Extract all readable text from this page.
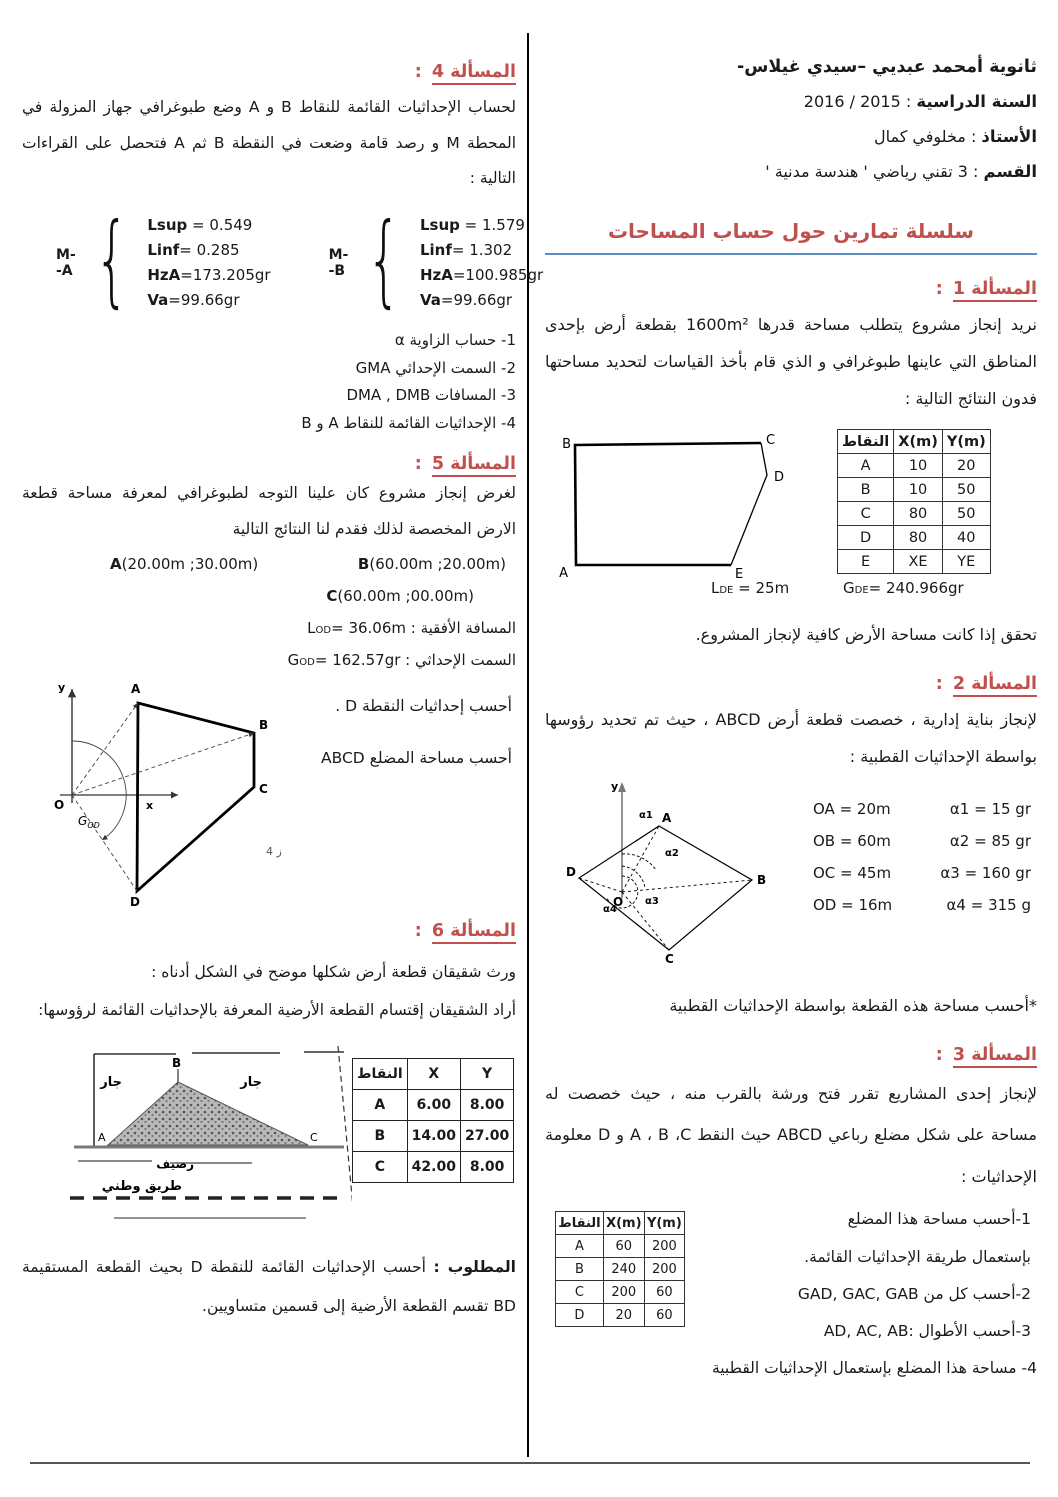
ثانوية أمحمد عبديي –سيدي غيلاس-
السنة الدراسية : 2015 / 2016
الأستاذ : مخلوفي كمال
القسم : 3 تقني رياضي ' هندسة مدنية '
سلسلة تمارين حول حساب المساحات
المسألة 1 :
نريد إنجاز مشروع يتطلب مساحة قدرها 1600m² بقطعة أرض بإحدى المناطق التي عاينها طبوغرافي و الذي قام بأخذ القياسات لتحديد مساحتها فدون النتائج التالية :
B	C
D
A	E
النقاط	X(m)	Y(m)
A	10	20
B	10	50
C	80	50
D	80	40
E	XE	YE
LDE = 25m	GDE= 240.966gr
تحقق إذا كانت مساحة الأرض كافية لإنجاز المشروع.
المسألة 2 :
لإنجاز بناية إدارية ، خصصت قطعة أرض ABCD ، حيث تم تحديد رؤوسها بواسطة الإحداثيات القطبية :
y
α1
α2
α3
α4
A
B
C
D
O
OA = 20m	α1 = 15 gr
OB = 60m	α2 = 85 gr
OC = 45m	α3 = 160 gr
OD = 16m	α4 = 315 g
*أحسب مساحة هذه القطعة بواسطة الإحداثيات القطبية
المسألة 3 :
لإنجاز إحدى المشاريع تقرر فتح ورشة بالقرب منه ، حيث خصصت له مساحة على شكل مضلع رباعي ABCD حيث النقط A ، B ،C و D معلومة الإحداثيات :
النقاط	X(m)	Y(m)
A	60	200
B	240	200
C	200	60
D	20	60
1-أحسب مساحة هذا المضلع
بإستعمال طريقة الإحداثيات القائمة.
2-أحسب كل من GAD, GAC, GAB
3-أحسب الأطوال :AD, AC, AB
4- مساحة هذا المضلع بإستعمال الإحداثيات القطبية
المسألة 4 :
لحساب الإحداثيات القائمة للنقاط B و A وضع طبوغرافي جهاز المزولة في المحطة M و رصد قامة وضعت في النقطة B ثم A فتحصل على القراءات التالية :
M--A { Lsup = 0.549
Linf= 0.285
HzA=173.205gr
Va=99.66gr
M--B { Lsup = 1.579
Linf= 1.302
HzA=100.985gr
Va=99.66gr
1- حساب الزاوية α
2- السمت الإحداثي GMA
3- المسافات DMA , DMB
4- الإحداثيات القائمة للنقاط A و B
المسألة 5 :
لغرض إنجاز مشروع كان علينا التوجه لطبوغرافي لمعرفة مساحة قطعة الارض المخصصة لذلك فقدم لنا النتائج التالية
A(20.00m ;30.00m)	B(60.00m ;20.00m)
C(60.00m ;00.00m)
المسافة الأفقية : LOD= 36.06m
السمت الإحداثي : GOD= 162.57gr
y
x
O
A
B
C
D
$G_{OD}$
4 ز
أحسب إحداثيات النقطة D .
أحسب مساحة المضلع ABCD
المسألة 6 :
ورث شقيقان قطعة أرض شكلها موضح في الشكل أدناه :
أراد الشقيقان إقتسام القطعة الأرضية المعرفة بالإحداثيات القائمة لرؤوسها:
جار	جار
B
A	C
رصيف
طريق وطني
النقاط	X	Y
A	6.00	8.00
B	14.00	27.00
C	42.00	8.00
المطلوب : أحسب الإحداثيات القائمة للنقطة D بحيث القطعة المستقيمة BD تقسم القطعة الأرضية إلى قسمين متساويين.
